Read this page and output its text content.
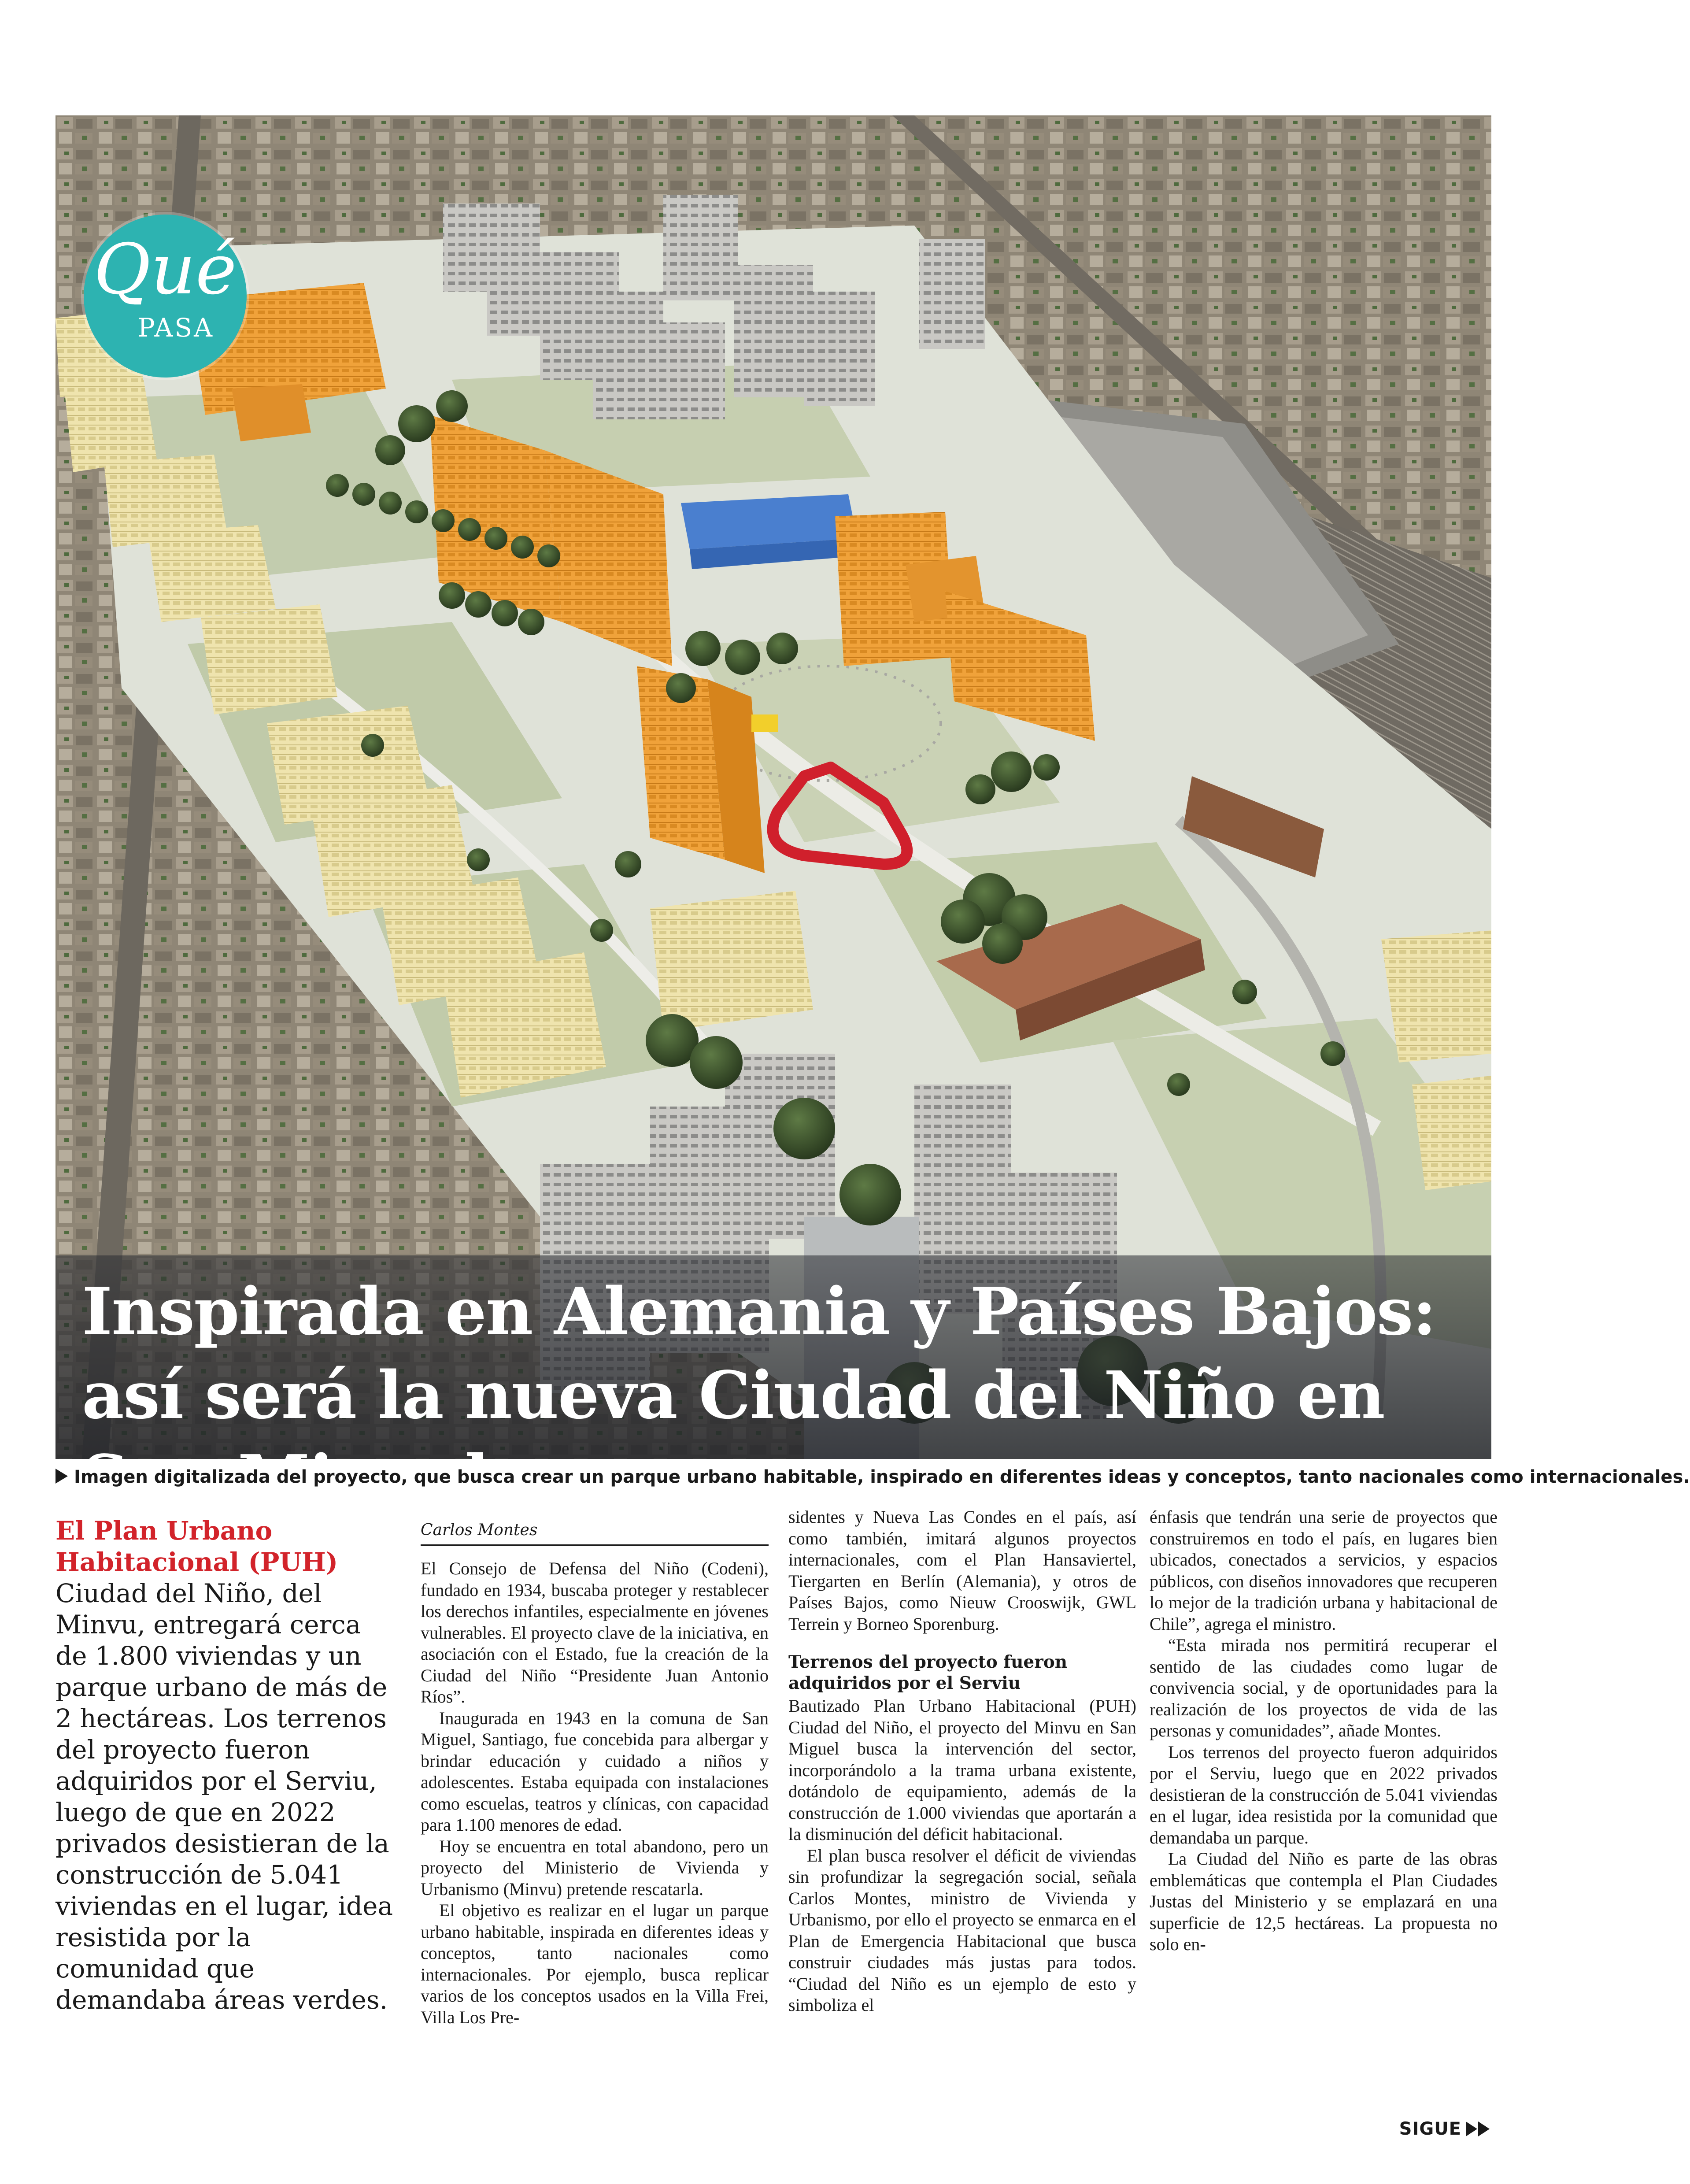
Qué
PASA
Inspirada en Alemania y Países Bajos: así será la nueva Ciudad del Niño en San Miguel
Imagen digitalizada del proyecto, que busca crear un parque urbano habitable, inspirado en diferentes ideas y conceptos, tanto nacionales como internacionales.
El Plan Urbano Habitacional (PUH) Ciudad del Niño, del Minvu, entregará cerca de 1.800 viviendas y un parque urbano de más de 2 hectáreas. Los terrenos del proyecto fueron adquiridos por el Serviu, luego de que en 2022 privados desistieran de la construcción de 5.041 viviendas en el lugar, idea resistida por la comunidad que demandaba áreas verdes.
Carlos Montes

El Consejo de Defensa del Niño (Codeni), fundado en 1934, buscaba proteger y restablecer los derechos infantiles, especialmente en jóvenes vulnerables. El proyecto clave de la iniciativa, en asociación con el Estado, fue la creación de la Ciudad del Niño “Presidente Juan Antonio Ríos”.

Inaugurada en 1943 en la comuna de San Miguel, Santiago, fue concebida para albergar y brindar educación y cuidado a niños y adolescentes. Estaba equipada con instalaciones como escuelas, teatros y clínicas, con capacidad para 1.100 menores de edad.

Hoy se encuentra en total abandono, pero un proyecto del Ministerio de Vivienda y Urbanismo (Minvu) pretende rescatarla.

El objetivo es realizar en el lugar un parque urbano habitable, inspirada en diferentes ideas y conceptos, tanto nacionales como internacionales. Por ejemplo, busca replicar varios de los conceptos usados en la Villa Frei, Villa Los Pre-

sidentes y Nueva Las Condes en el país, así como también, imitará algunos proyectos internacionales, com el Plan Hansaviertel, Tiergarten en Berlín (Alemania), y otros de Países Bajos, como Nieuw Crooswijk, GWL Terrein y Borneo Sporenburg.

Terrenos del proyecto fueron adquiridos por el Serviu

Bautizado Plan Urbano Habitacional (PUH) Ciudad del Niño, el proyecto del Minvu en San Miguel busca la intervención del sector, incorporándolo a la trama urbana existente, dotándolo de equipamiento, además de la construcción de 1.000 viviendas que aportarán a la disminución del déficit habitacional.

El plan busca resolver el déficit de viviendas sin profundizar la segregación social, señala Carlos Montes, ministro de Vivienda y Urbanismo, por ello el proyecto se enmarca en el Plan de Emergencia Habitacional que busca construir ciudades más justas para todos. “Ciudad del Niño es un ejemplo de esto y simboliza el

énfasis que tendrán una serie de proyectos que construiremos en todo el país, en lugares bien ubicados, conectados a servicios, y espacios públicos, con diseños innovadores que recuperen lo mejor de la tradición urbana y habitacional de Chile”, agrega el ministro.

“Esta mirada nos permitirá recuperar el sentido de las ciudades como lugar de convivencia social, y de oportunidades para la realización de los proyectos de vida de las personas y comunidades”, añade Montes.

Los terrenos del proyecto fueron adquiridos por el Serviu, luego que en 2022 privados desistieran de la construcción de 5.041 viviendas en el lugar, idea resistida por la comunidad que demandaba un parque.

La Ciudad del Niño es parte de las obras emblemáticas que contempla el Plan Ciudades Justas del Ministerio y se emplazará en una superficie de 12,5 hectáreas. La propuesta no solo en-

SIGUE
